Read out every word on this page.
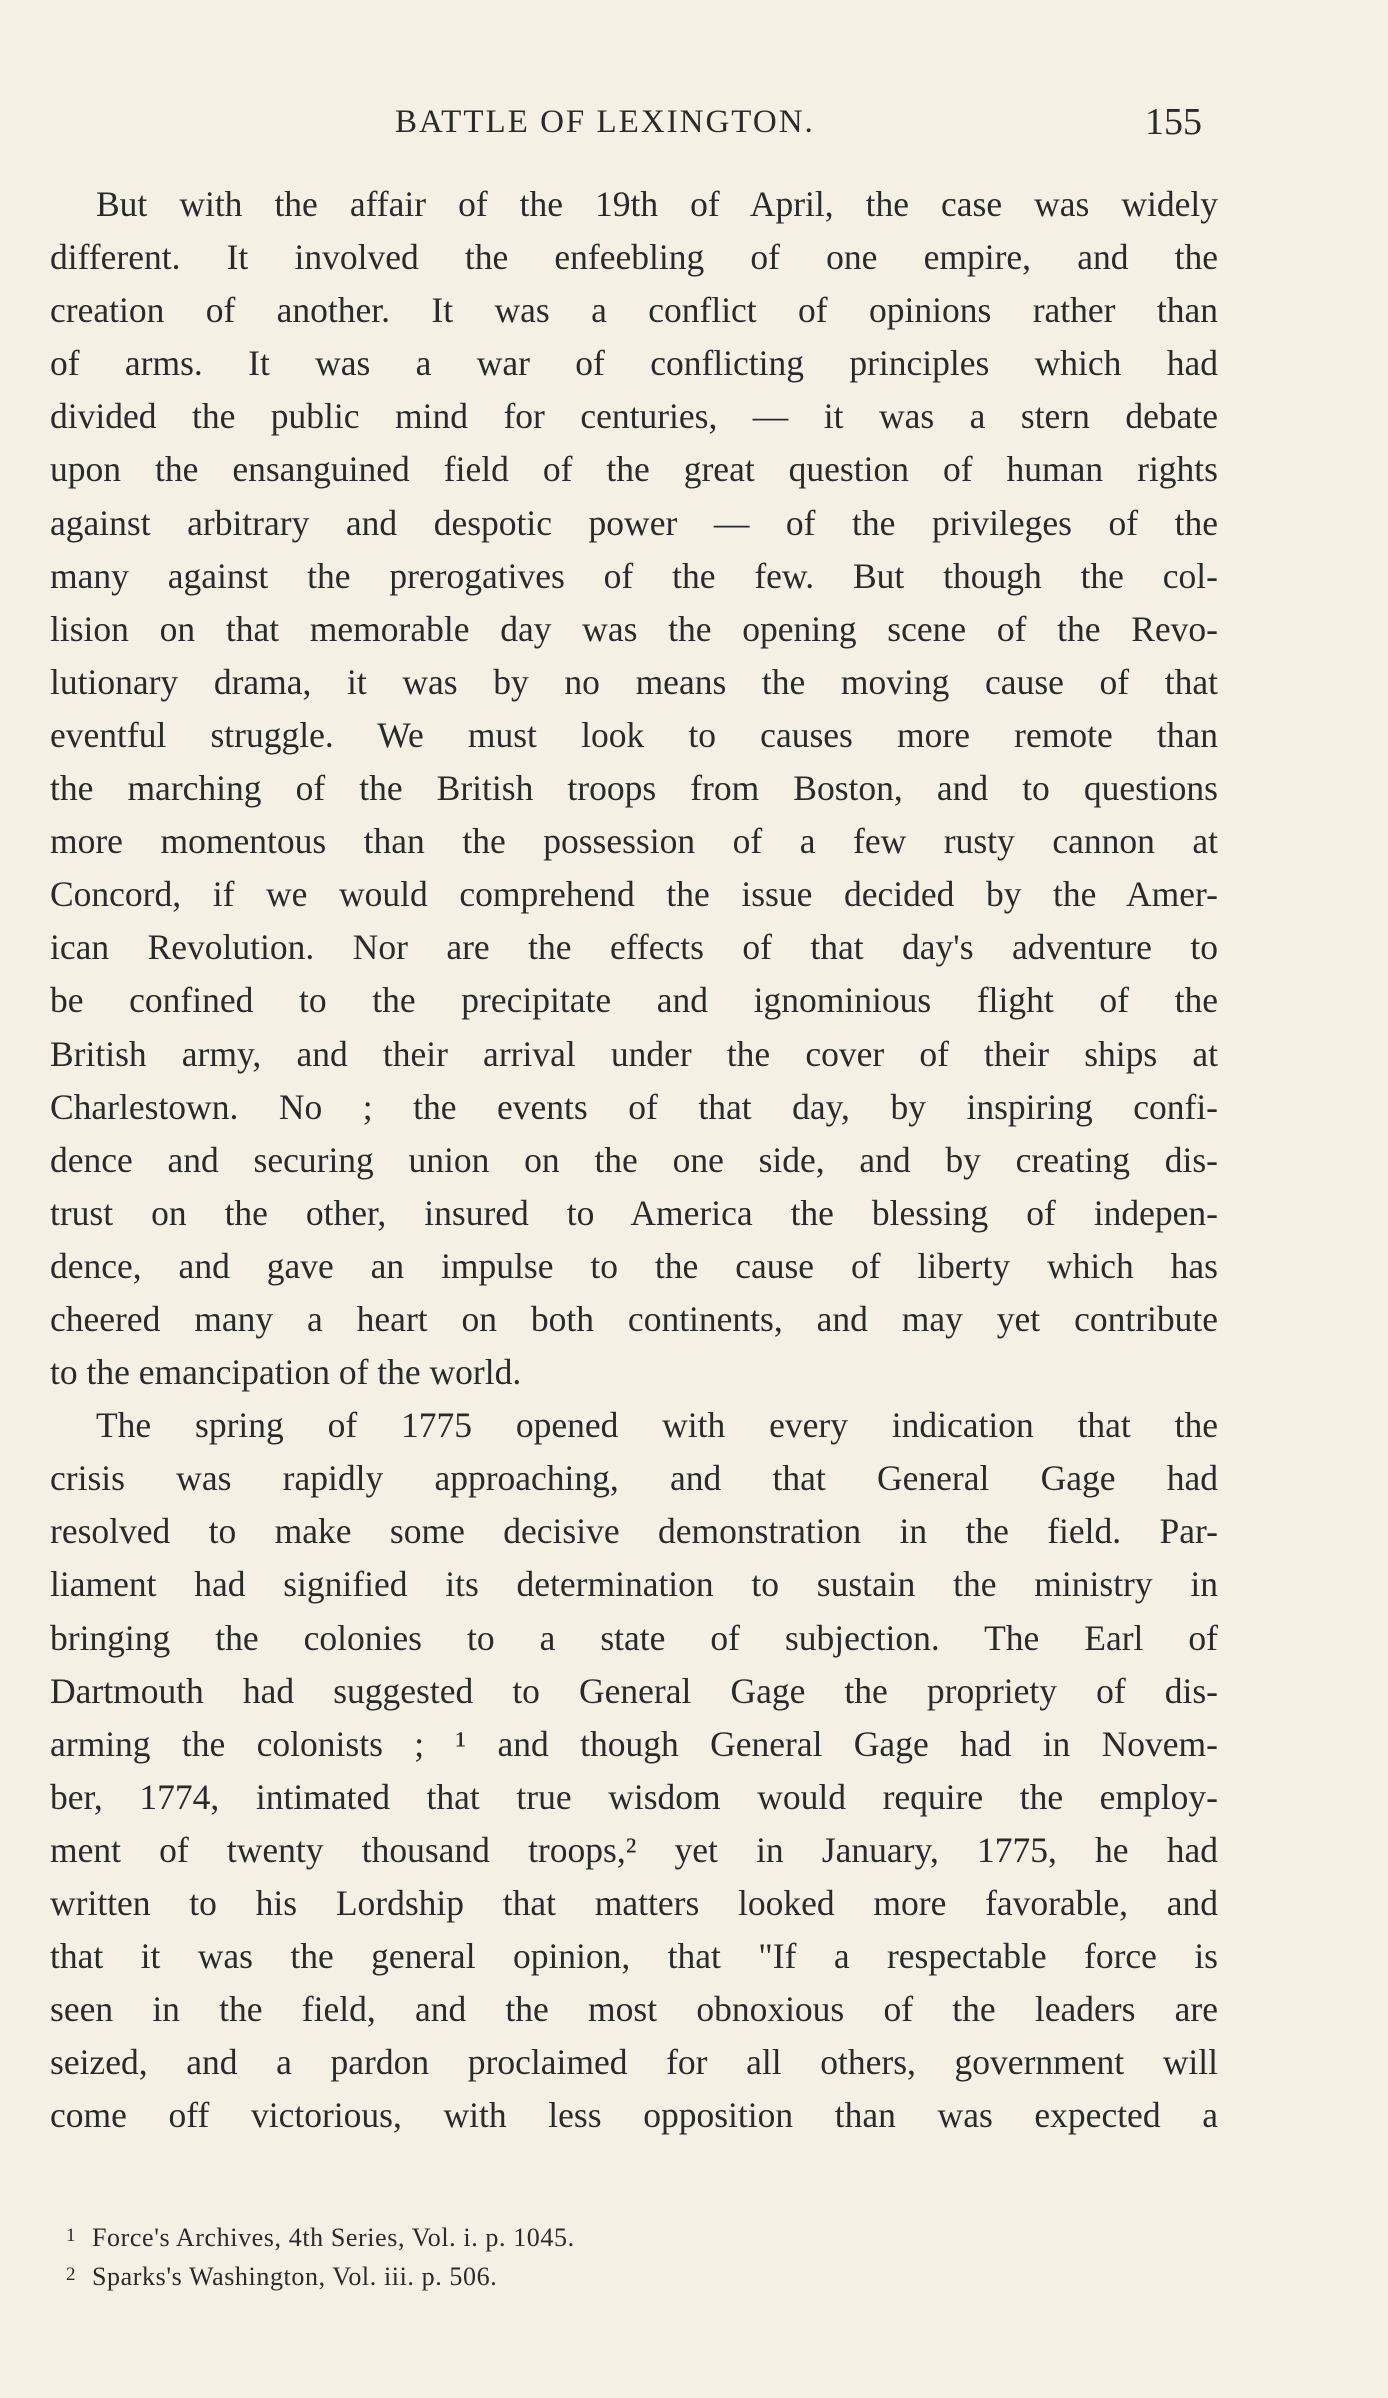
BATTLE OF LEXINGTON.	155
But with the affair of the 19th of April, the case was widely
different. It involved the enfeebling of one empire, and the
creation of another. It was a conflict of opinions rather than
of arms. It was a war of conflicting principles which had
divided the public mind for centuries, — it was a stern debate
upon the ensanguined field of the great question of human rights
against arbitrary and despotic power — of the privileges of the
many against the prerogatives of the few. But though the col-
lision on that memorable day was the opening scene of the Revo-
lutionary drama, it was by no means the moving cause of that
eventful struggle. We must look to causes more remote than
the marching of the British troops from Boston, and to questions
more momentous than the possession of a few rusty cannon at
Concord, if we would comprehend the issue decided by the Amer-
ican Revolution. Nor are the effects of that day's adventure to
be confined to the precipitate and ignominious flight of the
British army, and their arrival under the cover of their ships at
Charlestown. No ; the events of that day, by inspiring confi-
dence and securing union on the one side, and by creating dis-
trust on the other, insured to America the blessing of indepen-
dence, and gave an impulse to the cause of liberty which has
cheered many a heart on both continents, and may yet contribute
to the emancipation of the world.
The spring of 1775 opened with every indication that the
crisis was rapidly approaching, and that General Gage had
resolved to make some decisive demonstration in the field. Par-
liament had signified its determination to sustain the ministry in
bringing the colonies to a state of subjection. The Earl of
Dartmouth had suggested to General Gage the propriety of dis-
arming the colonists ; ¹ and though General Gage had in Novem-
ber, 1774, intimated that true wisdom would require the employ-
ment of twenty thousand troops,² yet in January, 1775, he had
written to his Lordship that matters looked more favorable, and
that it was the general opinion, that "If a respectable force is
seen in the field, and the most obnoxious of the leaders are
seized, and a pardon proclaimed for all others, government will
come off victorious, with less opposition than was expected a
1 Force's Archives, 4th Series, Vol. i. p. 1045.
2 Sparks's Washington, Vol. iii. p. 506.
